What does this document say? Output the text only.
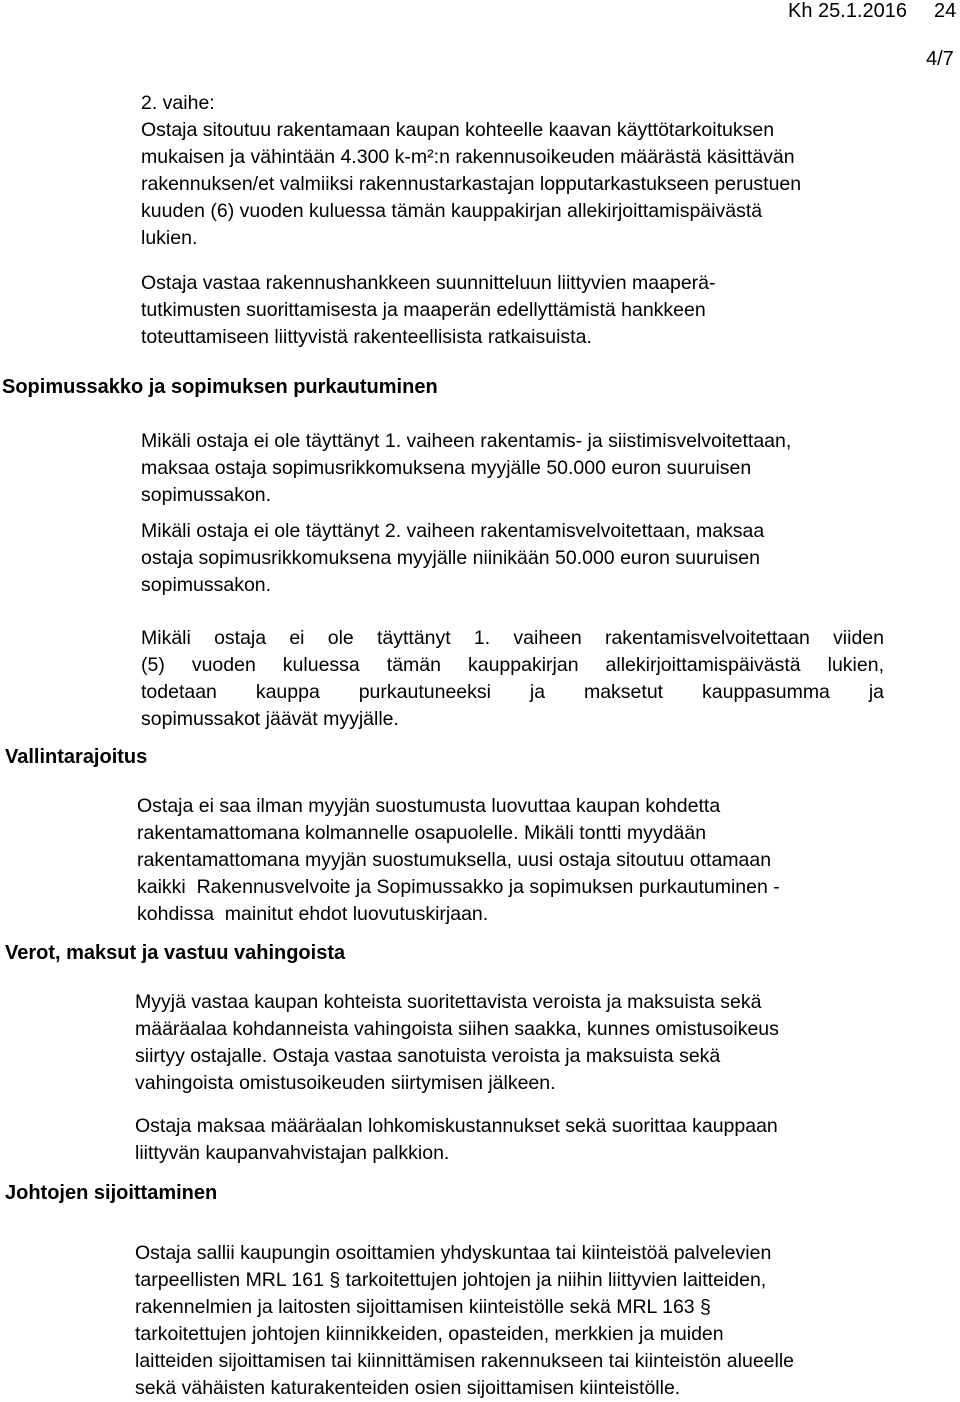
Kh 25.1.2016 24
4/7
2. vaihe:
Ostaja sitoutuu rakentamaan kaupan kohteelle kaavan käyttötarkoituksen
mukaisen ja vähintään 4.300 k-m²:n rakennusoikeuden määrästä käsittävän
rakennuksen/et valmiiksi rakennustarkastajan lopputarkastukseen perustuen
kuuden (6) vuoden kuluessa tämän kauppakirjan allekirjoittamispäivästä
lukien.
Ostaja vastaa rakennushankkeen suunnitteluun liittyvien maaperä-
tutkimusten suorittamisesta ja maaperän edellyttämistä hankkeen
toteuttamiseen liittyvistä rakenteellisista ratkaisuista.
Sopimussakko ja sopimuksen purkautuminen
Mikäli ostaja ei ole täyttänyt 1. vaiheen rakentamis- ja siistimisvelvoitettaan,
maksaa ostaja sopimusrikkomuksena myyjälle 50.000 euron suuruisen
sopimussakon.
Mikäli ostaja ei ole täyttänyt 2. vaiheen rakentamisvelvoitettaan, maksaa
ostaja sopimusrikkomuksena myyjälle niinikään 50.000 euron suuruisen
sopimussakon.
Mikäli ostaja ei ole täyttänyt 1. vaiheen rakentamisvelvoitettaan viiden
(5) vuoden kuluessa tämän kauppakirjan allekirjoittamispäivästä lukien,
todetaan kauppa purkautuneeksi ja maksetut kauppasumma ja
sopimussakot jäävät myyjälle.
Vallintarajoitus
Ostaja ei saa ilman myyjän suostumusta luovuttaa kaupan kohdetta
rakentamattomana kolmannelle osapuolelle. Mikäli tontti myydään
rakentamattomana myyjän suostumuksella, uusi ostaja sitoutuu ottamaan
kaikki  Rakennusvelvoite ja Sopimussakko ja sopimuksen purkautuminen -
kohdissa  mainitut ehdot luovutuskirjaan.
Verot, maksut ja vastuu vahingoista
Myyjä vastaa kaupan kohteista suoritettavista veroista ja maksuista sekä
määräalaa kohdanneista vahingoista siihen saakka, kunnes omistusoikeus
siirtyy ostajalle. Ostaja vastaa sanotuista veroista ja maksuista sekä
vahingoista omistusoikeuden siirtymisen jälkeen.
Ostaja maksaa määräalan lohkomiskustannukset sekä suorittaa kauppaan
liittyvän kaupanvahvistajan palkkion.
Johtojen sijoittaminen
Ostaja sallii kaupungin osoittamien yhdyskuntaa tai kiinteistöä palvelevien
tarpeellisten MRL 161 § tarkoitettujen johtojen ja niihin liittyvien laitteiden,
rakennelmien ja laitosten sijoittamisen kiinteistölle sekä MRL 163 §
tarkoitettujen johtojen kiinnikkeiden, opasteiden, merkkien ja muiden
laitteiden sijoittamisen tai kiinnittämisen rakennukseen tai kiinteistön alueelle
sekä vähäisten katurakenteiden osien sijoittamisen kiinteistölle.
